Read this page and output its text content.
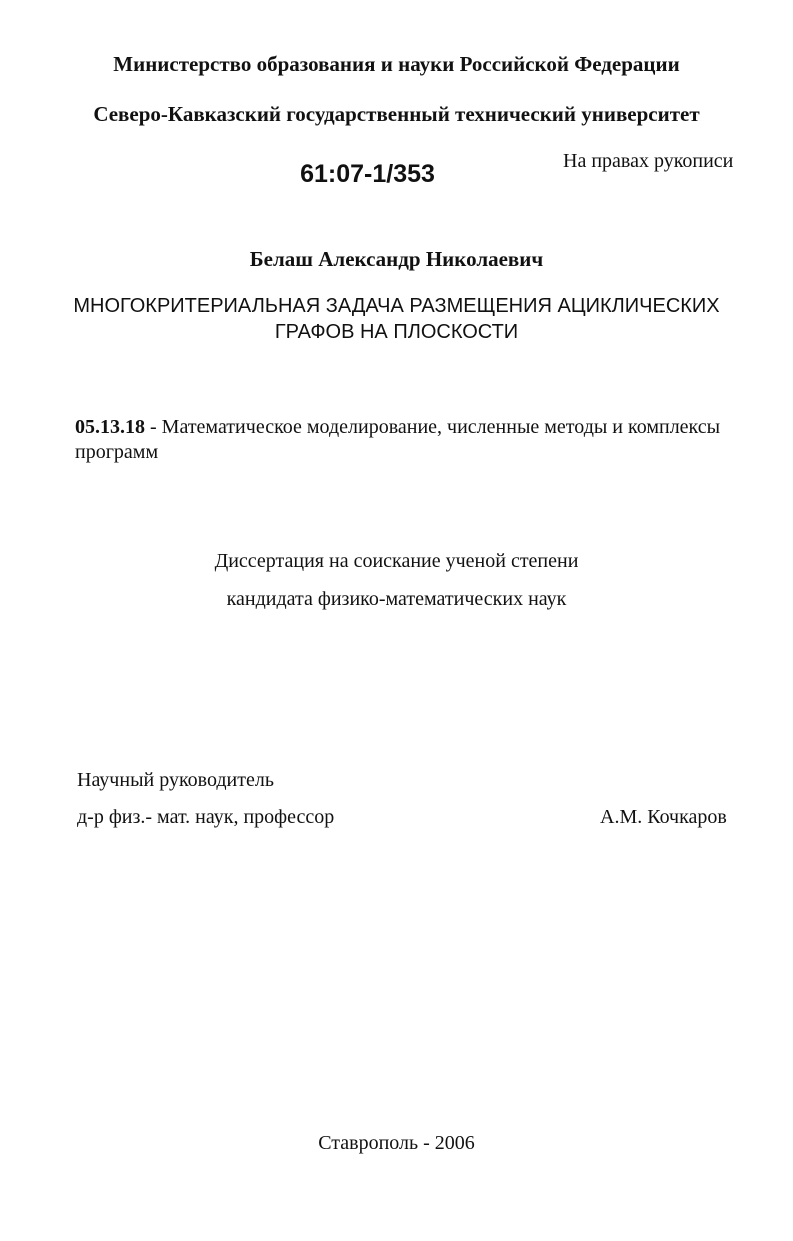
Министерство образования и науки Российской Федерации
Северо-Кавказский государственный технический университет
61:07-1/353	На правах рукописи
Белаш Александр Николаевич
МНОГОКРИТЕРИАЛЬНАЯ ЗАДАЧА РАЗМЕЩЕНИЯ АЦИКЛИЧЕСКИХ
ГРАФОВ НА ПЛОСКОСТИ
05.13.18 - Математическое моделирование, численные методы и комплексы программ
Диссертация на соискание ученой степени
кандидата физико-математических наук
Научный руководитель
д-р физ.- мат. наук, профессор	А.М. Кочкаров
Ставрополь - 2006
